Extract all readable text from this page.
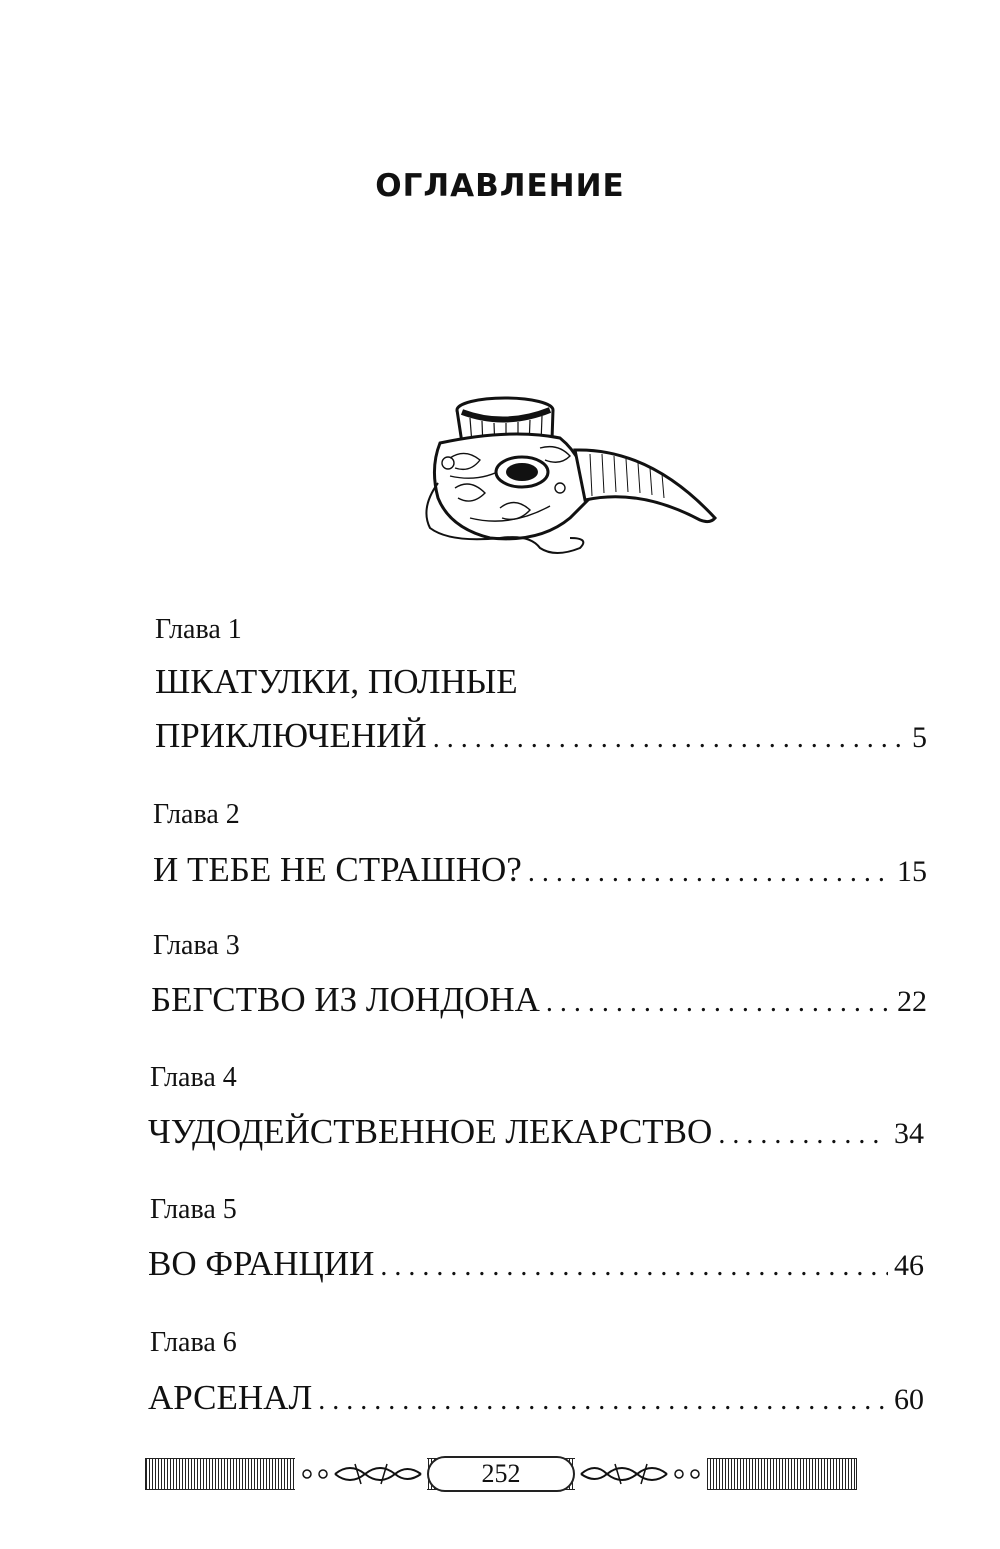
ОГЛАВЛЕНИЕ
Глава 1
ШКАТУЛКИ, ПОЛНЫЕ
ПРИКЛЮЧЕНИЙ . . .	5
Глава 2
И ТЕБЕ НЕ СТРАШНО? . . .	15
Глава 3
БЕГСТВО ИЗ ЛОНДОНА . . .	22
Глава 4
ЧУДОДЕЙСТВЕННОЕ ЛЕКАРСТВО . . .	34
Глава 5
ВО ФРАНЦИИ . . .	46
Глава 6
АРСЕНАЛ . . .	60
252
